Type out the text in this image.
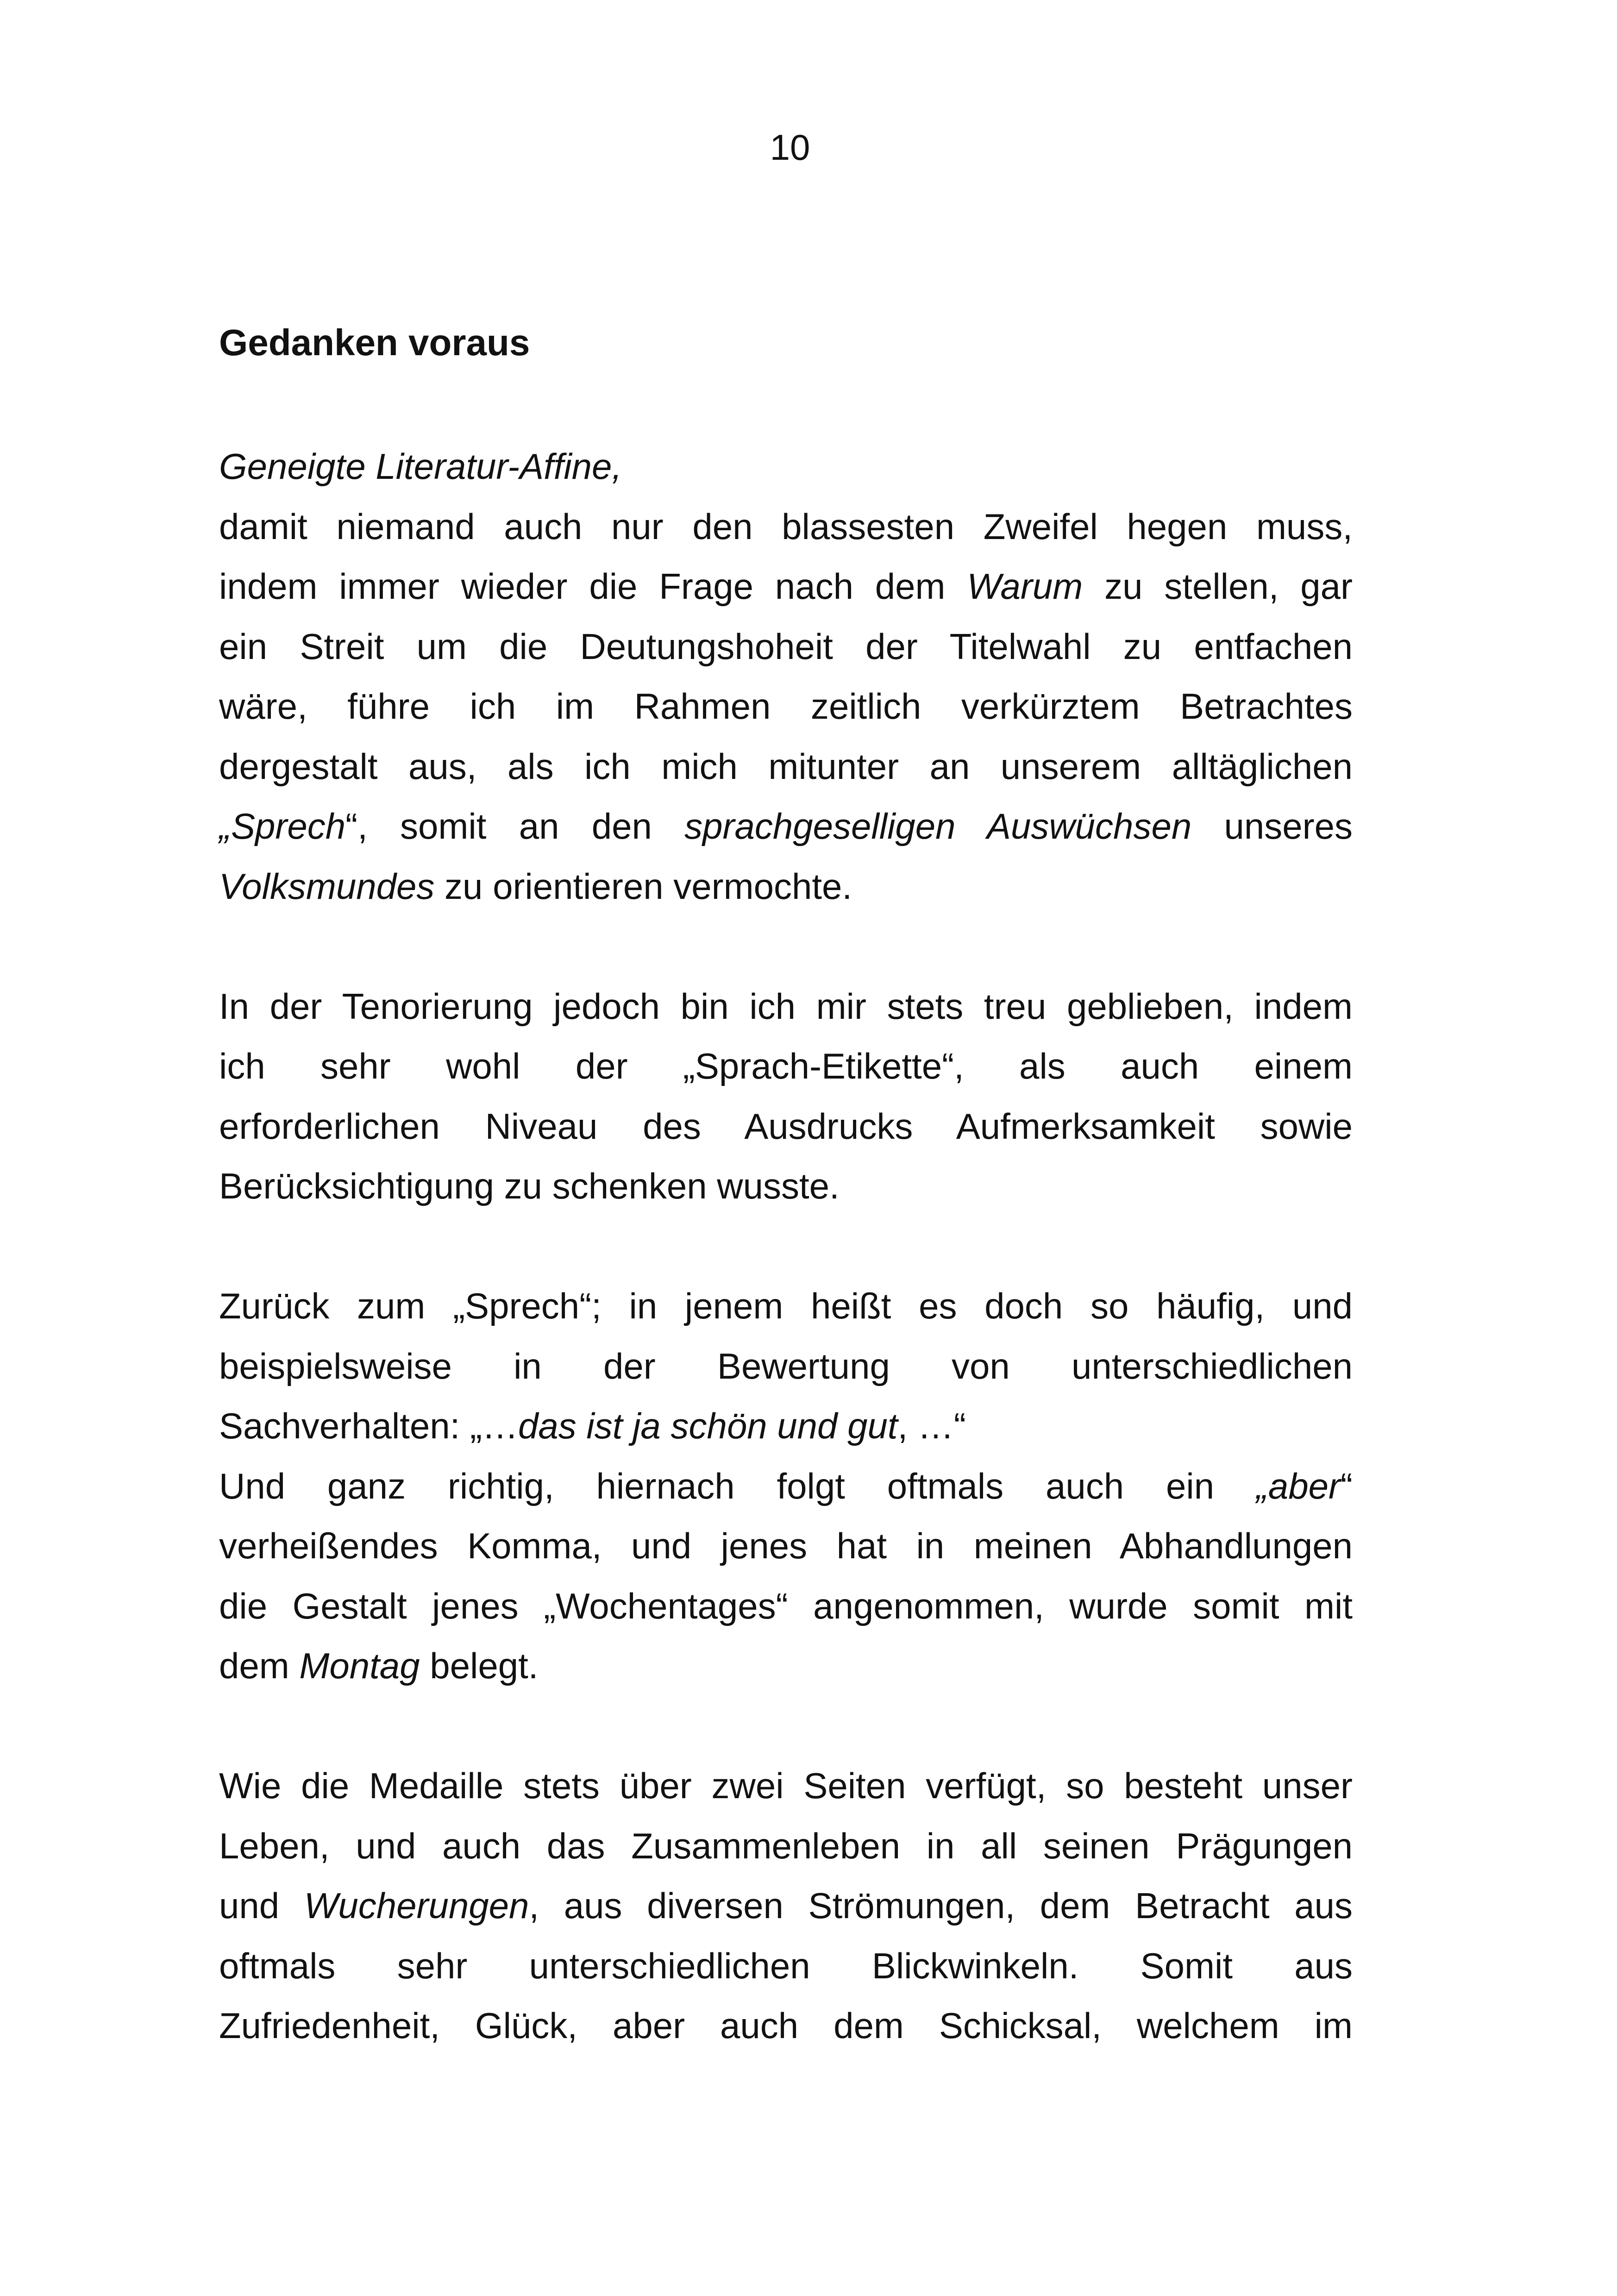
10
Gedanken voraus

Geneigte Literatur-Affine,

damit niemand auch nur den blassesten Zweifel hegen muss,
indem immer wieder die Frage nach dem Warum zu stellen, gar
ein Streit um die Deutungshoheit der Titelwahl zu entfachen
wäre, führe ich im Rahmen zeitlich verkürztem Betrachtes
dergestalt aus, als ich mich mitunter an unserem alltäglichen
„Sprech“, somit an den sprachgeselligen Auswüchsen unseres
Volksmundes zu orientieren vermochte.
In der Tenorierung jedoch bin ich mir stets treu geblieben, indem
ich sehr wohl der „Sprach-Etikette“, als auch einem
erforderlichen Niveau des Ausdrucks Aufmerksamkeit sowie
Berücksichtigung zu schenken wusste.
Zurück zum „Sprech“; in jenem heißt es doch so häufig, und
beispielsweise in der Bewertung von unterschiedlichen
Sachverhalten: „…das ist ja schön und gut, …“
Und ganz richtig, hiernach folgt oftmals auch ein „aber“
verheißendes Komma, und jenes hat in meinen Abhandlungen
die Gestalt jenes „Wochentages“ angenommen, wurde somit mit
dem Montag belegt.
Wie die Medaille stets über zwei Seiten verfügt, so besteht unser
Leben, und auch das Zusammenleben in all seinen Prägungen
und Wucherungen, aus diversen Strömungen, dem Betracht aus
oftmals sehr unterschiedlichen Blickwinkeln. Somit aus
Zufriedenheit, Glück, aber auch dem Schicksal, welchem im
